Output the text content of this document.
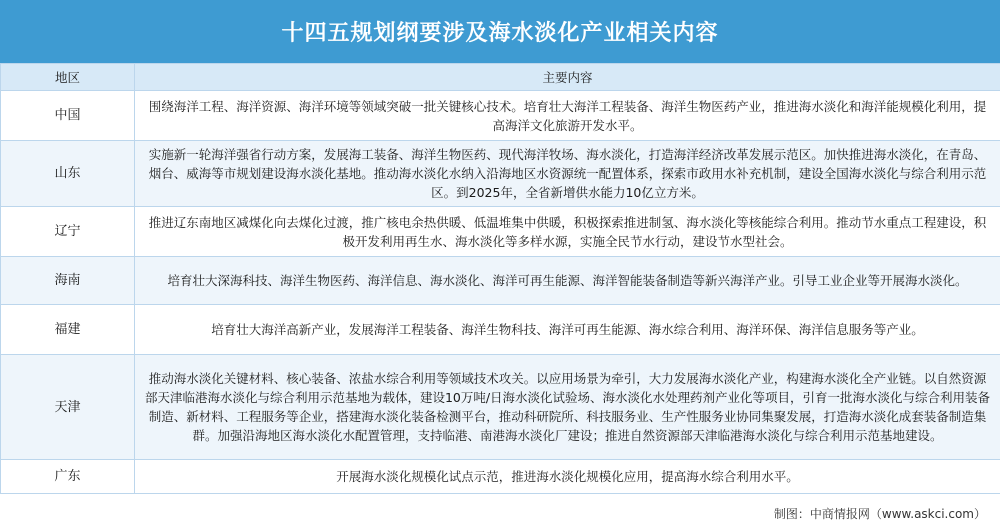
十四五规划纲要涉及海水淡化产业相关内容
地区	主要内容
中国	围绕海洋工程、海洋资源、海洋环境等领域突破一批关键核心技术。培育壮大海洋工程装备、海洋生物医药产业，推进海水淡化和海洋能规模化利用，提高海洋文化旅游开发水平。
山东	实施新一轮海洋强省行动方案，发展海工装备、海洋生物医药、现代海洋牧场、海水淡化，打造海洋经济改革发展示范区。加快推进海水淡化，在青岛、烟台、威海等市规划建设海水淡化基地。推动海水淡化水纳入沿海地区水资源统一配置体系，探索市政用水补充机制，建设全国海水淡化与综合利用示范区。到2025年，全省新增供水能力10亿立方米。
辽宁	推进辽东南地区减煤化向去煤化过渡，推广核电余热供暖、低温堆集中供暖，积极探索推进制氢、海水淡化等核能综合利用。推动节水重点工程建设，积极开发利用再生水、海水淡化等多样水源，实施全民节水行动，建设节水型社会。
海南	培育壮大深海科技、海洋生物医药、海洋信息、海水淡化、海洋可再生能源、海洋智能装备制造等新兴海洋产业。引导工业企业等开展海水淡化。
福建	培育壮大海洋高新产业，发展海洋工程装备、海洋生物科技、海洋可再生能源、海水综合利用、海洋环保、海洋信息服务等产业。
天津	推动海水淡化关键材料、核心装备、浓盐水综合利用等领域技术攻关。以应用场景为牵引，大力发展海水淡化产业，构建海水淡化全产业链。以自然资源部天津临港海水淡化与综合利用示范基地为载体，建设10万吨/日海水淡化试验场、海水淡化水处理药剂产业化等项目，引育一批海水淡化与综合利用装备制造、新材料、工程服务等企业，搭建海水淡化装备检测平台，推动科研院所、科技服务业、生产性服务业协同集聚发展，打造海水淡化成套装备制造集群。加强沿海地区海水淡化水配置管理，支持临港、南港海水淡化厂建设；推进自然资源部天津临港海水淡化与综合利用示范基地建设。
广东	开展海水淡化规模化试点示范，推进海水淡化规模化应用，提高海水综合利用水平。
制图：中商情报网（www.askci.com）
